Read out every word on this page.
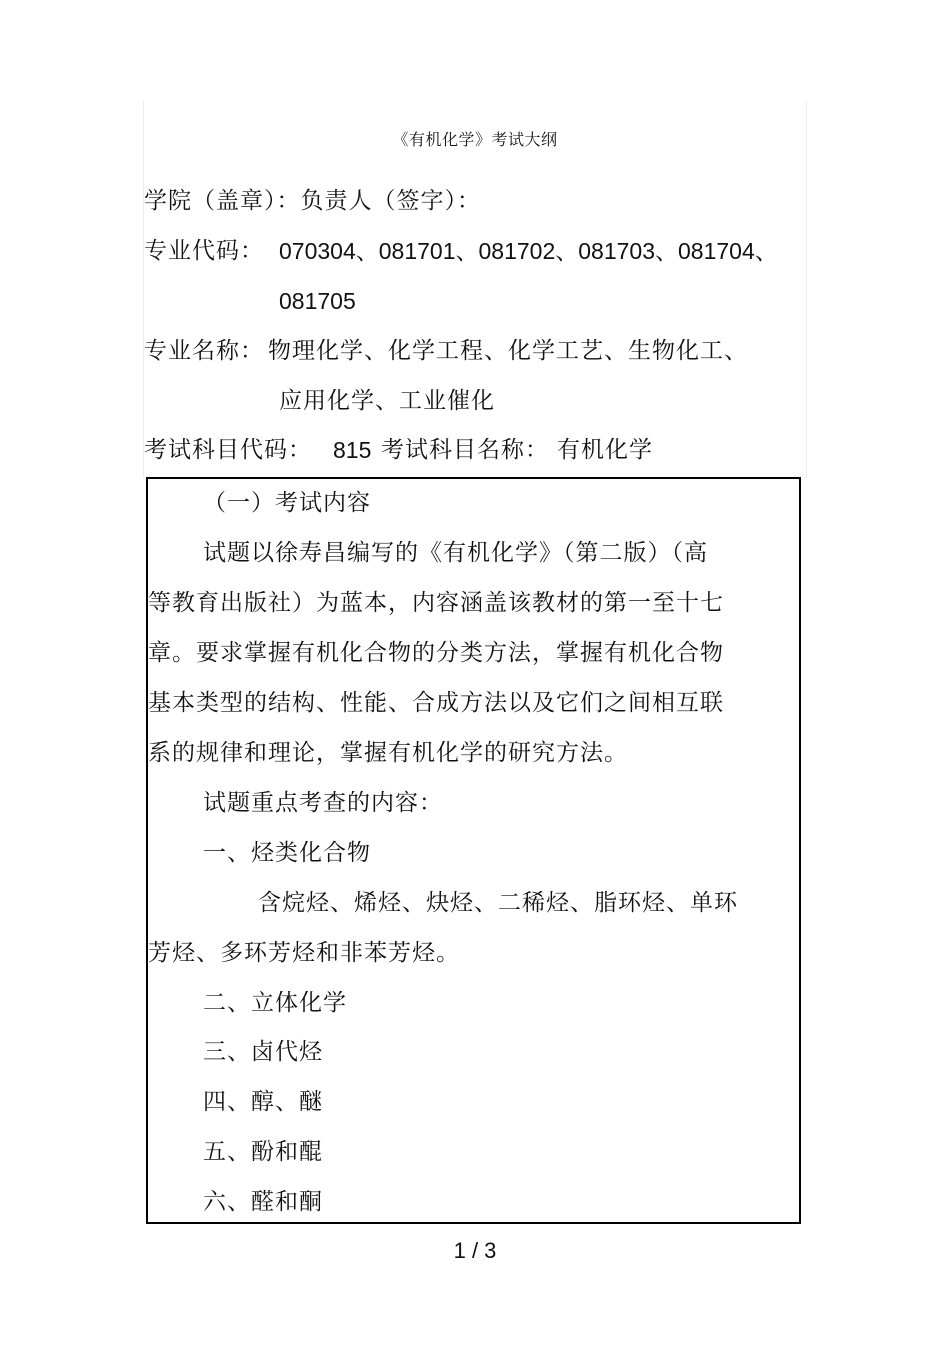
《有机化学》考试大纲
学院（盖章）：负责人（签字）：
专业代码： 070304、081701、081702、081703、081704、
081705
专业名称： 物理化学、化学工程、化学工艺、生物化工、
应用化学、工业催化
考试科目代码： 815 考试科目名称： 有机化学
（一）考试内容
试题以徐寿昌编写的《有机化学》（第二版）（高
等教育出版社）为蓝本，内容涵盖该教材的第一至十七
章。要求掌握有机化合物的分类方法，掌握有机化合物
基本类型的结构、性能、合成方法以及它们之间相互联
系的规律和理论，掌握有机化学的研究方法。
试题重点考查的内容：
一、烃类化合物
含烷烃、烯烃、炔烃、二稀烃、脂环烃、单环
芳烃、多环芳烃和非苯芳烃。
二、立体化学
三、卤代烃
四、醇、醚
五、酚和醌
六、醛和酮
1 / 3
